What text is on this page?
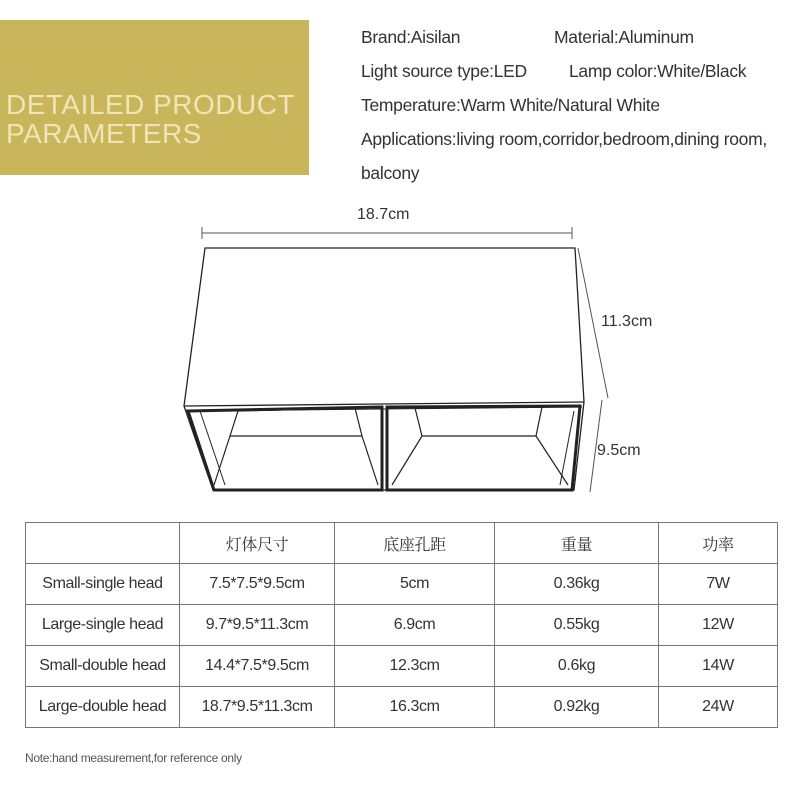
DETAILED PRODUCT
PARAMETERS
Brand:Aisilan	Material:Aluminum
Light source type:LED Lamp color:White/Black
Temperature:Warm White/Natural White
Applications:living room,corridor,bedroom,dining room,
balcony
18.7cm
11.3cm
9.5cm
	灯体尺寸	底座孔距	重量	功率
Small-single head	7.5*7.5*9.5cm	5cm	0.36kg	7W
Large-single head	9.7*9.5*11.3cm	6.9cm	0.55kg	12W
Small-double head	14.4*7.5*9.5cm	12.3cm	0.6kg	14W
Large-double head	18.7*9.5*11.3cm	16.3cm	0.92kg	24W
Note:hand measurement,for reference only
